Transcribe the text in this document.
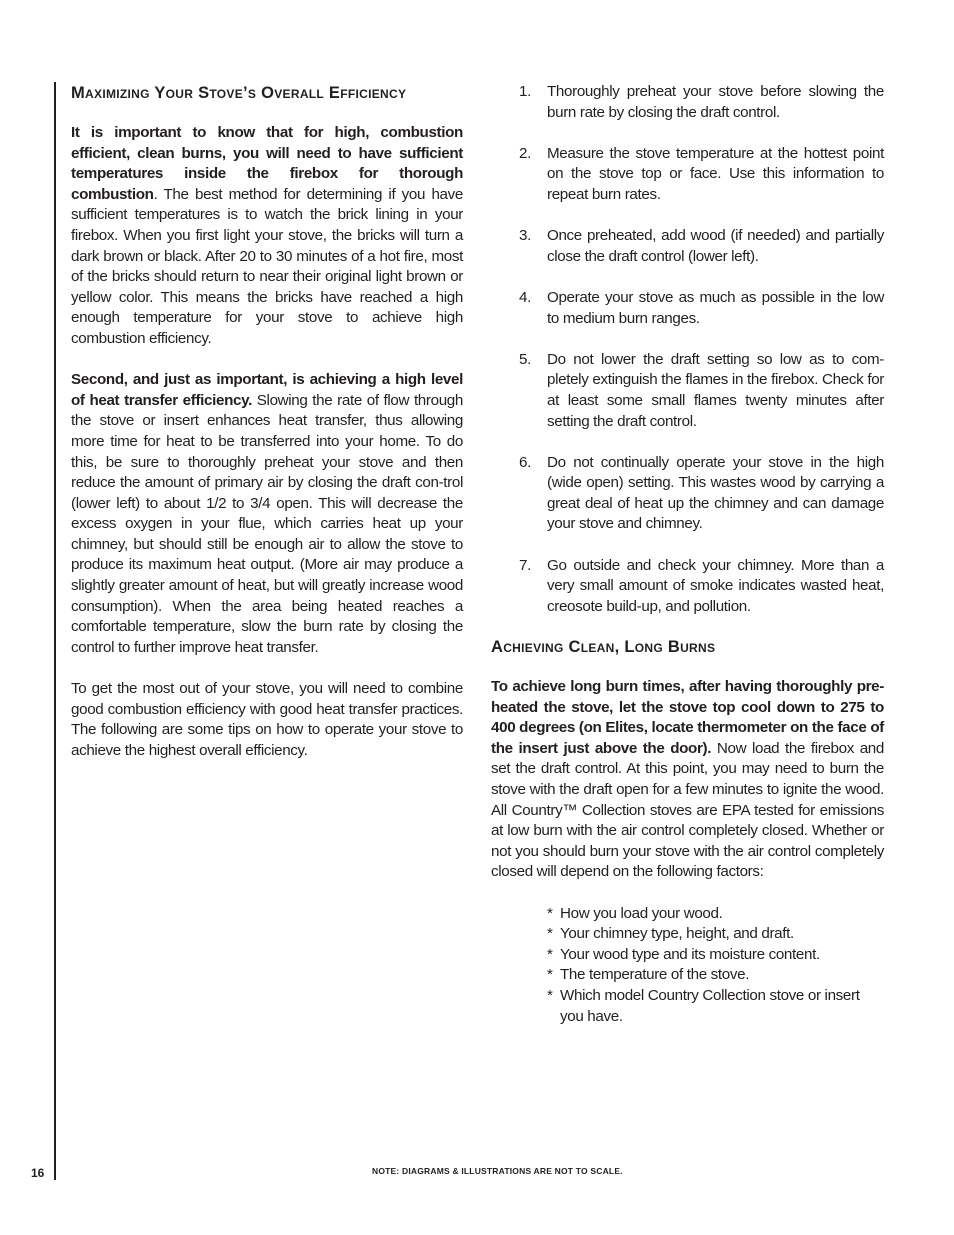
Maximizing Your Stove’s Overall Efficiency

It is important to know that for high, combustion efficient, clean burns, you will need to have sufficient temperatures inside the firebox for thorough combustion. The best method for determining if you have sufficient temperatures is to watch the brick lining in your firebox. When you first light your stove, the bricks will turn a dark brown or black. After 20 to 30 minutes of a hot fire, most of the bricks should return to near their original light brown or yellow color. This means the bricks have reached a high enough temperature for your stove to achieve high combustion efficiency.

Second, and just as important, is achieving a high level of heat transfer efficiency. Slowing the rate of flow through the stove or insert enhances heat transfer, thus allowing more time for heat to be transferred into your home. To do this, be sure to thoroughly preheat your stove and then reduce the amount of primary air by closing the draft con-trol (lower left) to about 1/2 to 3/4 open. This will decrease the excess oxygen in your flue, which carries heat up your chimney, but should still be enough air to allow the stove to produce its maximum heat output. (More air may produce a slightly greater amount of heat, but will greatly increase wood consumption). When the area being heated reaches a comfortable temperature, slow the burn rate by closing the control to further improve heat transfer.

To get the most out of your stove, you will need to combine good combustion efficiency with good heat transfer practices. The following are some tips on how to operate your stove to achieve the highest overall efficiency.

1. Thoroughly preheat your stove before slowing the burn rate by closing the draft control.
2. Measure the stove temperature at the hottest point on the stove top or face. Use this information to repeat burn rates.
3. Once preheated, add wood (if needed) and partially close the draft control (lower left).
4. Operate your stove as much as possible in the low to medium burn ranges.
5. Do not lower the draft setting so low as to com-pletely extinguish the flames in the firebox. Check for at least some small flames twenty minutes after setting the draft control.
6. Do not continually operate your stove in the high (wide open) setting. This wastes wood by carrying a great deal of heat up the chimney and can damage your stove and chimney.
7. Go outside and check your chimney. More than a very small amount of smoke indicates wasted heat, creosote build-up, and pollution.
Achieving Clean, Long Burns

To achieve long burn times, after having thoroughly pre-heated the stove, let the stove top cool down to 275 to 400 degrees (on Elites, locate thermometer on the face of the insert just above the door). Now load the firebox and set the draft control. At this point, you may need to burn the stove with the draft open for a few minutes to ignite the wood. All Country™ Collection stoves are EPA tested for emissions at low burn with the air control completely closed. Whether or not you should burn your stove with the air control completely closed will depend on the following factors:

* How you load your wood.
* Your chimney type, height, and draft.
* Your wood type and its moisture content.
* The temperature of the stove.
* Which model Country Collection stove or insert you have.
16	NOTE: DIAGRAMS & ILLUSTRATIONS ARE NOT TO SCALE.
